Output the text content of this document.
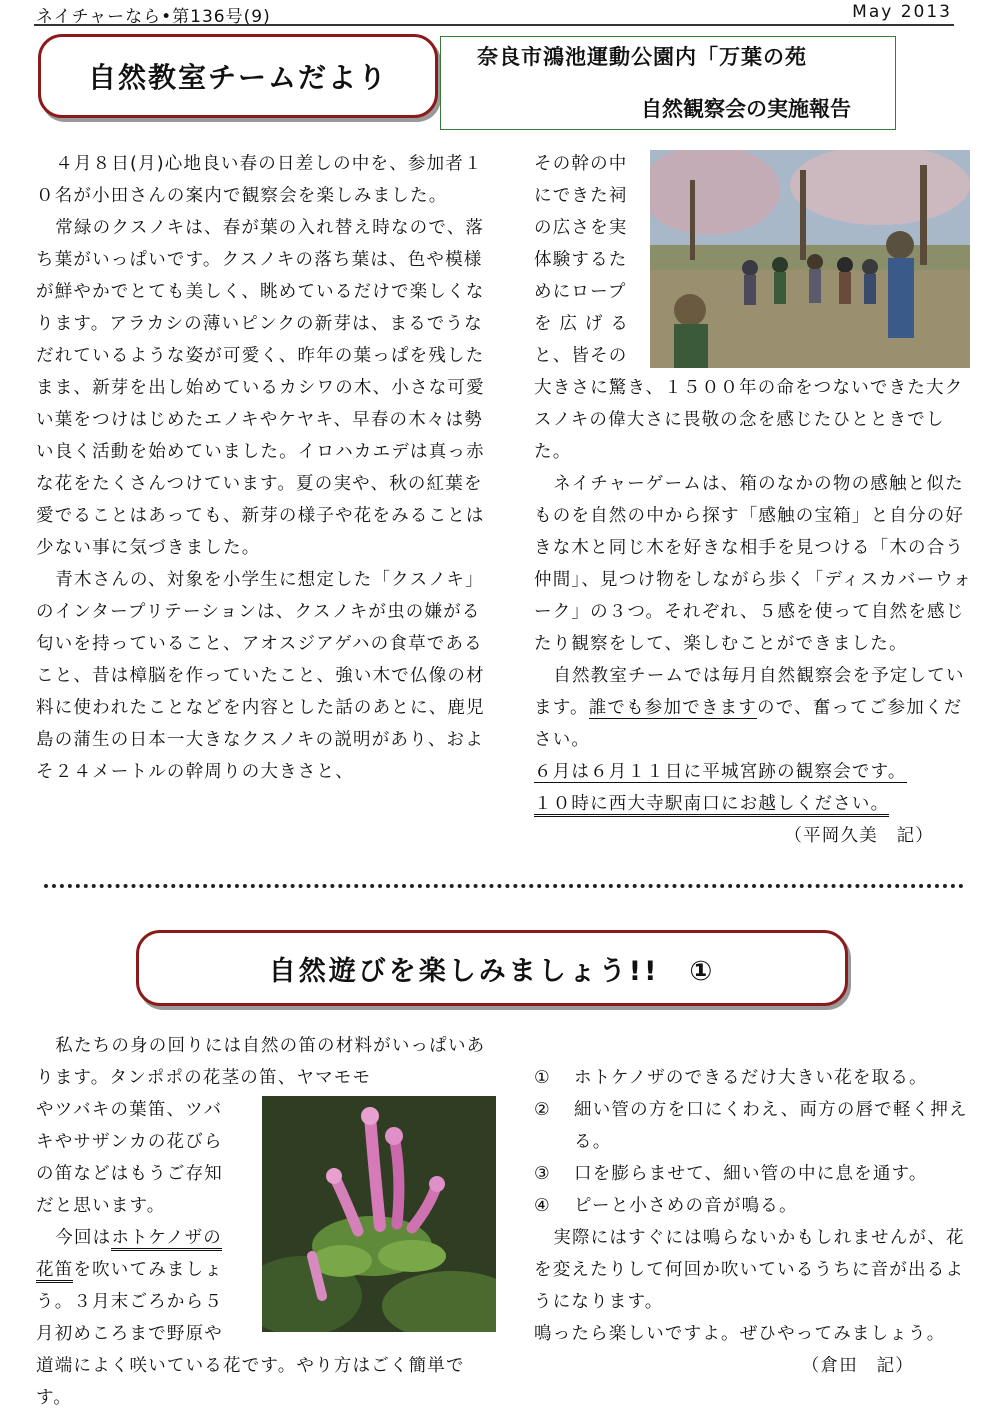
ネイチャーなら•第136号(9)	May 2013
自然教室チームだより
奈良市鴻池運動公園内「万葉の苑
自然観察会の実施報告

４月８日(月)心地良い春の日差しの中を、参加者１０名が小田さんの案内で観察会を楽しみました。

常緑のクスノキは、春が葉の入れ替え時なので、落ち葉がいっぱいです。クスノキの落ち葉は、色や模様が鮮やかでとても美しく、眺めているだけで楽しくなります。アラカシの薄いピンクの新芽は、まるでうなだれているような姿が可愛く、昨年の葉っぱを残したまま、新芽を出し始めているカシワの木、小さな可愛い葉をつけはじめたエノキやケヤキ、早春の木々は勢い良く活動を始めていました。イロハカエデは真っ赤な花をたくさんつけています。夏の実や、秋の紅葉を愛でることはあっても、新芽の様子や花をみることは少ない事に気づきました。

青木さんの、対象を小学生に想定した「クスノキ」のインタープリテーションは、クスノキが虫の嫌がる匂いを持っていること、アオスジアゲハの食草であること、昔は樟脳を作っていたこと、強い木で仏像の材料に使われたことなどを内容とした話のあとに、鹿児島の蒲生の日本一大きなクスノキの説明があり、およそ２４メートルの幹周りの大きさと、

その幹の中

にできた祠

の広さを実

体験するた

めにロープ

を 広 げ る

と、皆その

大きさに驚き、１５００年の命をつないできた大クスノキの偉大さに畏敬の念を感じたひとときでした。

ネイチャーゲームは、箱のなかの物の感触と似たものを自然の中から探す「感触の宝箱」と自分の好きな木と同じ木を好きな相手を見つける「木の合う仲間」、見つけ物をしながら歩く「ディスカバーウォーク」の３つ。それぞれ、５感を使って自然を感じたり観察をして、楽しむことができました。

自然教室チームでは毎月自然観察会を予定しています。誰でも参加できますので、奮ってご参加ください。

６月は６月１１日に平城宮跡の観察会です。

１０時に西大寺駅南口にお越しください。

（平岡久美　記）

自然遊びを楽しみましょう!!　①

私たちの身の回りには自然の笛の材料がいっぱいあります。タンポポの花茎の笛、ヤマモモ

やツバキの葉笛、ツバ

キやサザンカの花びら

の笛などはもうご存知

だと思います。

今回はホトケノザの

花笛を吹いてみましょ

う。３月末ごろから５

月初めころまで野原や

道端によく咲いている花です。やり方はごく簡単です。

①	ホトケノザのできるだけ大きい花を取る。
②	細い管の方を口にくわえ、両方の唇で軽く押える。
③	口を膨らませて、細い管の中に息を通す。
④	ピーと小さめの音が鳴る。

実際にはすぐには鳴らないかもしれませんが、花を変えたりして何回か吹いているうちに音が出るようになります。

鳴ったら楽しいですよ。ぜひやってみましょう。

（倉田　記）
